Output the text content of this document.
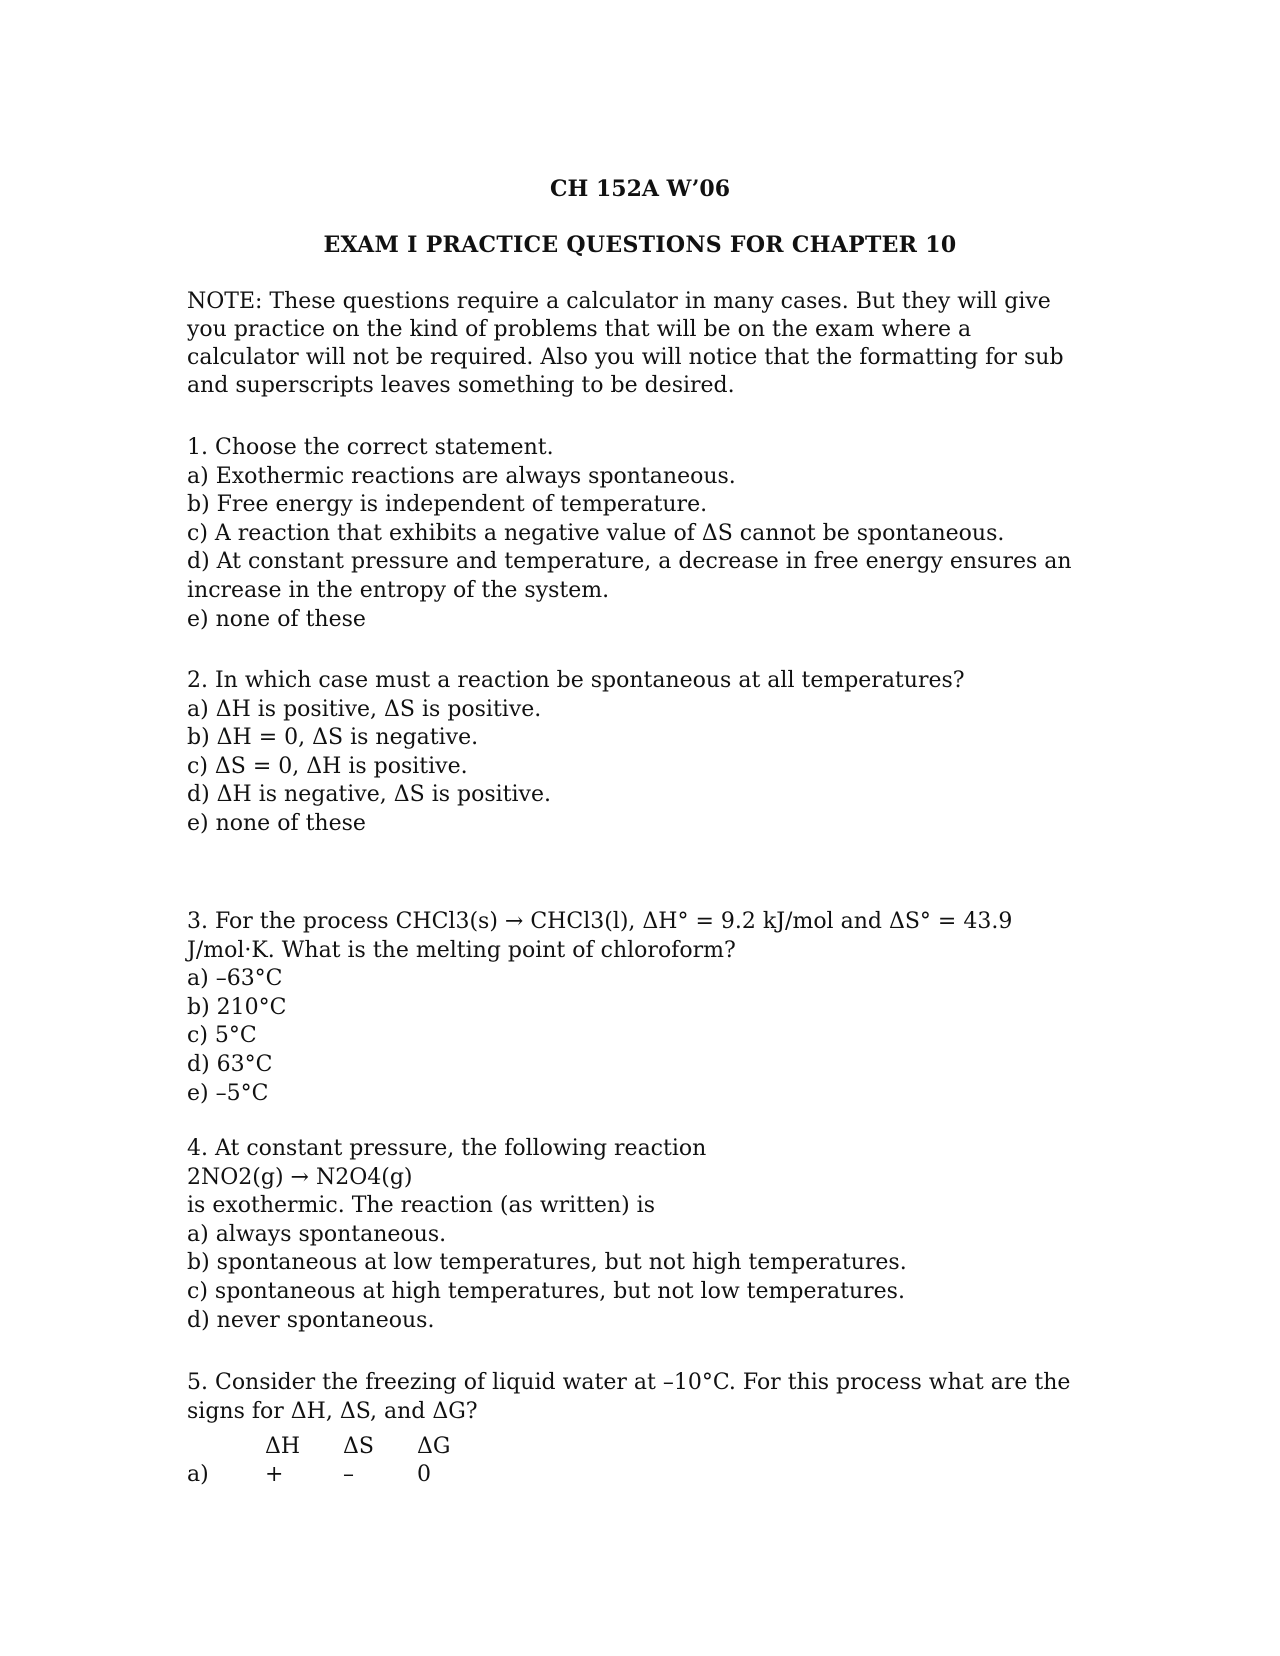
CH 152A W’06
EXAM I PRACTICE QUESTIONS FOR CHAPTER 10
NOTE: These questions require a calculator in many cases. But they will give you practice on the kind of problems that will be on the exam where a calculator will not be required. Also you will notice that the formatting for sub and superscripts leaves something to be desired.

1. Choose the correct statement.

a) Exothermic reactions are always spontaneous.

b) Free energy is independent of temperature.

c) A reaction that exhibits a negative value of ΔS cannot be spontaneous.

d) At constant pressure and temperature, a decrease in free energy ensures an increase in the entropy of the system.

e) none of these

2. In which case must a reaction be spontaneous at all temperatures?

a) ΔH is positive, ΔS is positive.

b) ΔH = 0, ΔS is negative.

c) ΔS = 0, ΔH is positive.

d) ΔH is negative, ΔS is positive.

e) none of these

3. For the process CHCl3(s) → CHCl3(l), ΔH° = 9.2 kJ/mol and ΔS° = 43.9 J/mol·K. What is the melting point of chloroform?

a) –63°C

b) 210°C

c) 5°C

d) 63°C

e) –5°C

4. At constant pressure, the following reaction

2NO2(g) → N2O4(g)

is exothermic. The reaction (as written) is

a) always spontaneous.

b) spontaneous at low temperatures, but not high temperatures.

c) spontaneous at high temperatures, but not low temperatures.

d) never spontaneous.

5. Consider the freezing of liquid water at –10°C. For this process what are the signs for ΔH, ΔS, and ΔG?

	ΔH	ΔS	ΔG
a)	+	–	0
